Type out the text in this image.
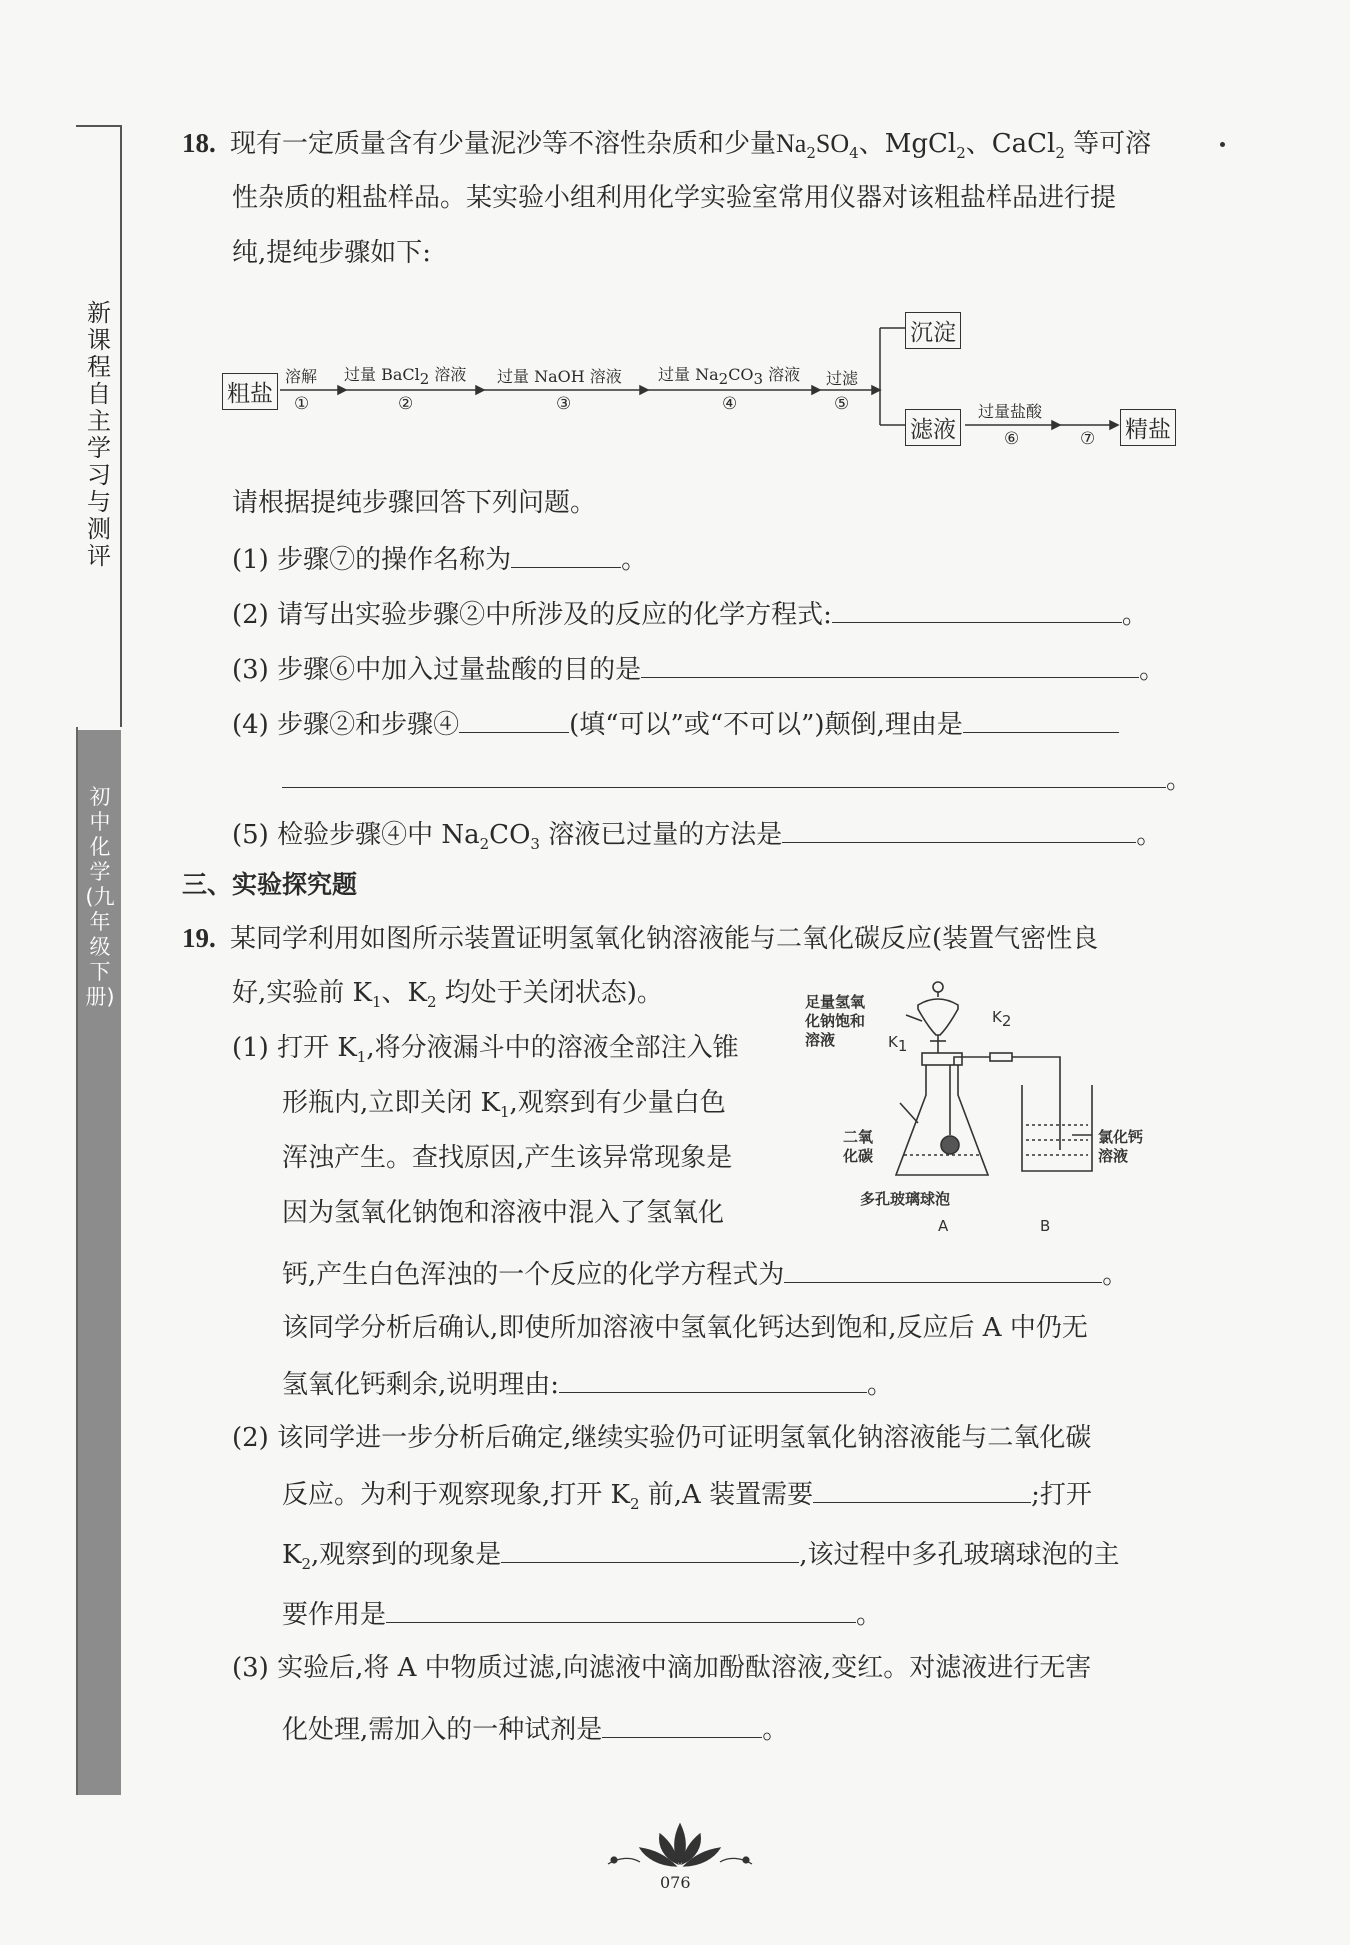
新课程自主学习与测评
初中化学(九年级下册)
18. 现有一定质量含有少量泥沙等不溶性杂质和少量$Na_2SO_4$、MgCl$_2$、CaCl$_2$ 等可溶
性杂质的粗盐样品。某实验小组利用化学实验室常用仪器对该粗盐样品进行提
纯,提纯步骤如下:
粗盐
溶解
①
过量 BaCl$_2$ 溶液
②
过量 NaOH 溶液
③
过量 $Na_2CO_3$ 溶液
④
过滤
⑤
沉淀
滤液
过量盐酸
⑥	⑦ 精盐
请根据提纯步骤回答下列问题。
(1) 步骤⑦的操作名称为	。
(2) 请写出实验步骤②中所涉及的反应的化学方程式:	。
(3) 步骤⑥中加入过量盐酸的目的是	。
(4) 步骤②和步骤④	(填“可以”或“不可以”)颠倒,理由是
。
(5) 检验步骤④中 $Na_2CO_3$ 溶液已过量的方法是	。
三、实验探究题
19. 某同学利用如图所示装置证明氢氧化钠溶液能与二氧化碳反应(装置气密性良
好,实验前 $K_1$、$K_2$ 均处于关闭状态)。
(1) 打开 $K_1$,将分液漏斗中的溶液全部注入锥
形瓶内,立即关闭 $K_1$,观察到有少量白色
浑浊产生。查找原因,产生该异常现象是
因为氢氧化钠饱和溶液中混入了氢氧化
足量氢氧
化钠饱和
溶液	$K_1$
$K_2$
二氧
化碳
氯化钙
溶液
多孔玻璃球泡
A	B
钙,产生白色浑浊的一个反应的化学方程式为	。
该同学分析后确认,即使所加溶液中氢氧化钙达到饱和,反应后 A 中仍无
氢氧化钙剩余,说明理由:	。
(2) 该同学进一步分析后确定,继续实验仍可证明氢氧化钠溶液能与二氧化碳
反应。为利于观察现象,打开 $K_2$ 前,A 装置需要	;打开
$K_2$,观察到的现象是	,该过程中多孔玻璃球泡的主
要作用是	。
(3) 实验后,将 A 中物质过滤,向滤液中滴加酚酞溶液,变红。对滤液进行无害
化处理,需加入的一种试剂是	。
076
